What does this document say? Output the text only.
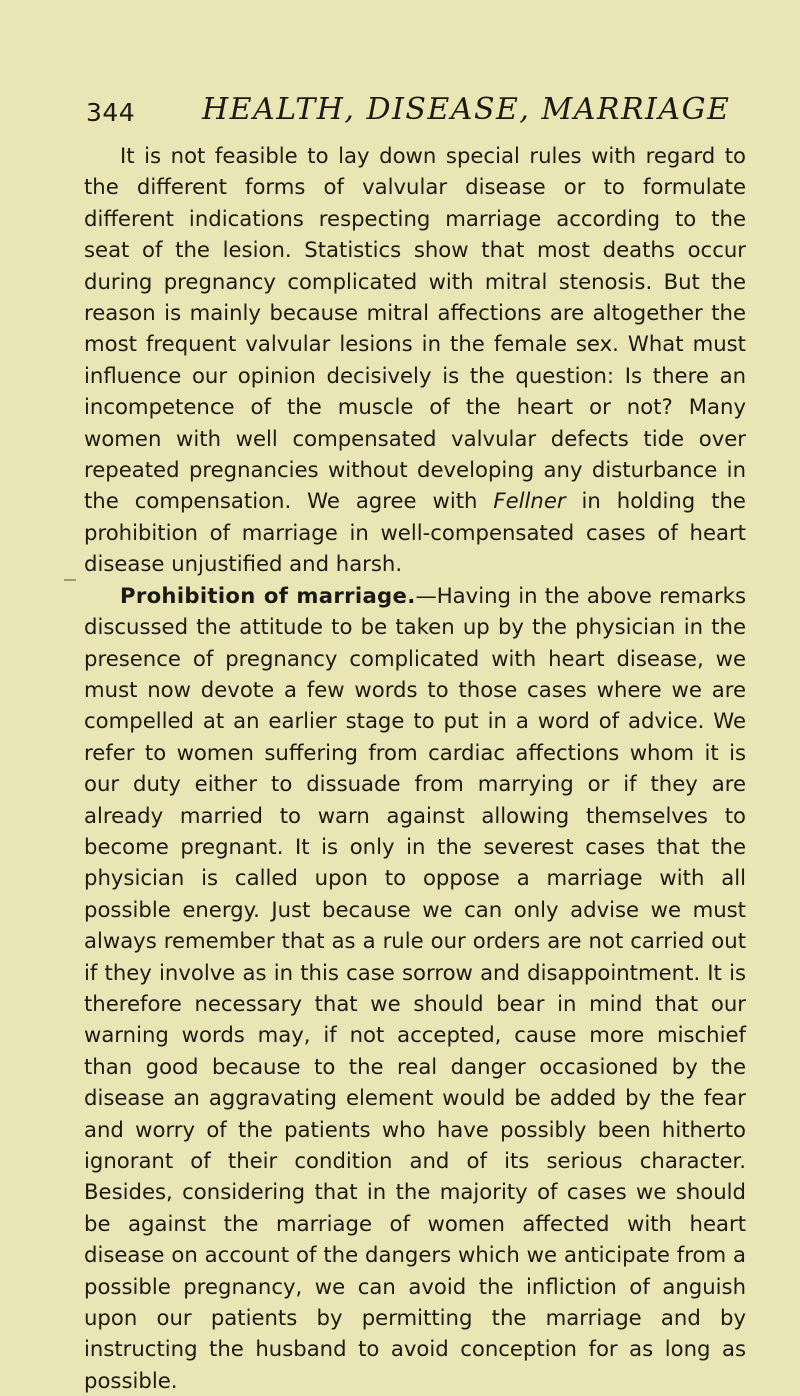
344 HEALTH, DISEASE, MARRIAGE

It is not feasible to lay down special rules with regard to the different forms of valvular disease or to formulate different indications respecting marriage according to the seat of the lesion. Statistics show that most deaths occur during pregnancy complicated with mitral stenosis. But the reason is mainly because mitral affections are altogether the most frequent valvular lesions in the female sex. What must influence our opinion decisively is the question: Is there an incompetence of the muscle of the heart or not? Many women with well compensated valvular defects tide over repeated pregnancies without developing any disturbance in the compensation. We agree with Fellner in holding the prohibition of marriage in well-compensated cases of heart disease unjustified and harsh.

Prohibition of marriage.—Having in the above remarks discussed the attitude to be taken up by the physician in the presence of pregnancy complicated with heart disease, we must now devote a few words to those cases where we are compelled at an earlier stage to put in a word of advice. We refer to women suffering from cardiac affections whom it is our duty either to dissuade from marrying or if they are already married to warn against allowing themselves to become pregnant. It is only in the severest cases that the physician is called upon to oppose a marriage with all possible energy. Just because we can only advise we must always remember that as a rule our orders are not carried out if they involve as in this case sorrow and disappointment. It is therefore necessary that we should bear in mind that our warning words may, if not accepted, cause more mischief than good because to the real danger occasioned by the disease an aggravating element would be added by the fear and worry of the patients who have possibly been hitherto ignorant of their condition and of its serious character. Besides, considering that in the majority of cases we should be against the marriage of women affected with heart disease on account of the dangers which we anticipate from a possible pregnancy, we can avoid the infliction of anguish upon our patients by permitting the marriage and by instructing the husband to avoid conception for as long as possible.
